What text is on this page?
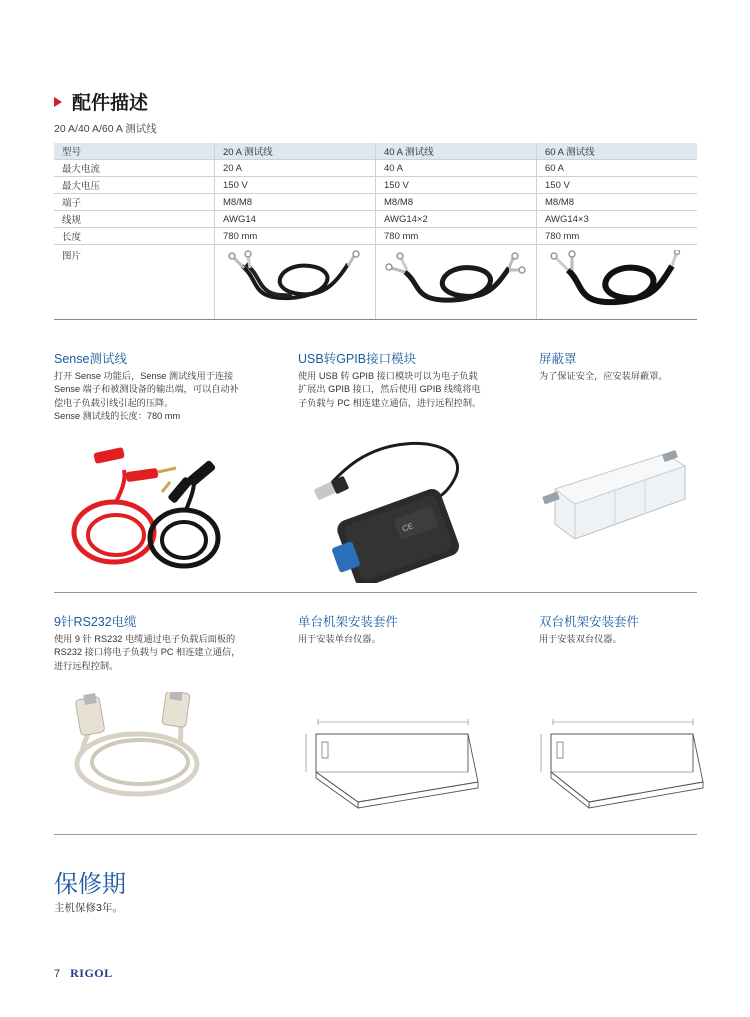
配件描述
20 A/40 A/60 A 测试线
型号	20 A 测试线	40 A 测试线	60 A 测试线
最大电流	20 A	40 A	60 A
最大电压	150 V	150 V	150 V
端子	M8/M8	M8/M8	M8/M8
线规	AWG14	AWG14×2	AWG14×3
长度	780 mm	780 mm	780 mm
图片			
Sense测试线
打开 Sense 功能后，Sense 测试线用于连接
Sense 端子和被测设备的输出端，可以自动补
偿电子负载引线引起的压降。
Sense 测试线的长度：780 mm
USB转GPIB接口模块
使用 USB 转 GPIB 接口模块可以为电子负载
扩展出 GPIB 接口，然后使用 GPIB 线缆将电
子负载与 PC 相连建立通信，进行远程控制。
屏蔽罩
为了保证安全，应安装屏蔽罩。
CE
9针RS232电缆
使用 9 针 RS232 电缆通过电子负载后面板的
RS232 接口将电子负载与 PC 相连建立通信，
进行远程控制。
单台机架安装套件
用于安装单台仪器。
双台机架安装套件
用于安装双台仪器。
保修期
主机保修3年。
7 RIGOL
